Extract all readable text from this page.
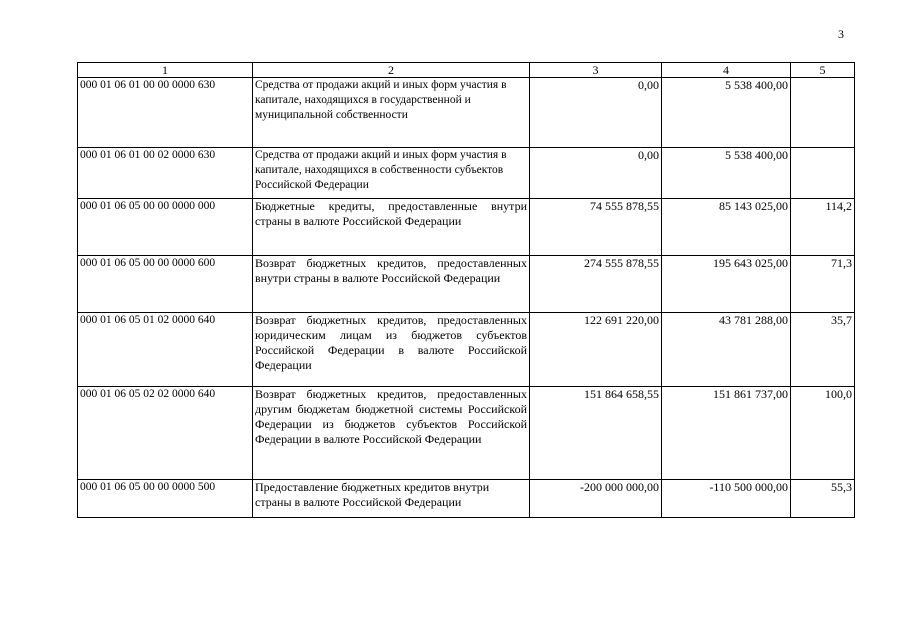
3
1	2	3	4	5
000 01 06 01 00 00 0000 630	Средства от продажи акций и иных форм участия в капитале, находящихся в государственной и муниципальной собственности	0,00	5 538 400,00	
000 01 06 01 00 02 0000 630	Средства от продажи акций и иных форм участия в капитале, находящихся в собственности субъектов Российской Федерации	0,00	5 538 400,00	
000 01 06 05 00 00 0000 000	Бюджетные кредиты, предоставленные внутри страны в валюте Российской Федерации	74 555 878,55	85 143 025,00	114,2
000 01 06 05 00 00 0000 600	Возврат бюджетных кредитов, предоставленных внутри страны в валюте Российской Федерации	274 555 878,55	195 643 025,00	71,3
000 01 06 05 01 02 0000 640	Возврат бюджетных кредитов, предоставленных юридическим лицам из бюджетов субъектов Российской Федерации в валюте Российской Федерации	122 691 220,00	43 781 288,00	35,7
000 01 06 05 02 02 0000 640	Возврат бюджетных кредитов, предоставленных другим бюджетам бюджетной системы Российской Федерации из бюджетов субъектов Российской Федерации в валюте Российской Федерации	151 864 658,55	151 861 737,00	100,0
000 01 06 05 00 00 0000 500	Предоставление бюджетных кредитов внутри страны в валюте Российской Федерации	-200 000 000,00	-110 500 000,00	55,3
